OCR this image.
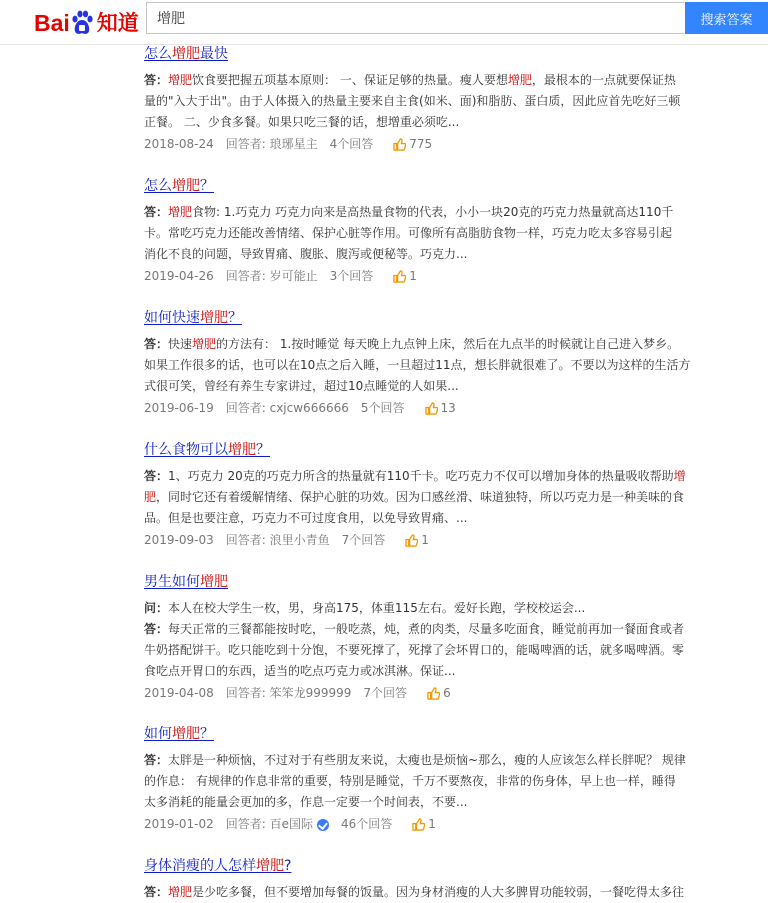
怎么增肥最快
答：增肥饮食要把握五项基本原则： 一、保证足够的热量。瘦人要想增肥，最根本的一点就要保证热
量的"入大于出"。由于人体摄入的热量主要来自主食(如米、面)和脂肪、蛋白质，因此应首先吃好三顿
正餐。 二、少食多餐。如果只吃三餐的话，想增重必须吃...
2018-08-24 回答者: 琅琊星主 4个回答	775
怎么增肥？
答：增肥食物: 1.巧克力 巧克力向来是高热量食物的代表，小小一块20克的巧克力热量就高达110千
卡。常吃巧克力还能改善情绪、保护心脏等作用。可像所有高脂肪食物一样，巧克力吃太多容易引起
消化不良的问题，导致胃痛、腹胀、腹泻或便秘等。巧克力...
2019-04-26 回答者: 岁可能止 3个回答	1
如何快速增肥？
答：快速增肥的方法有： 1.按时睡觉 每天晚上九点钟上床，然后在九点半的时候就让自己进入梦乡。
如果工作很多的话，也可以在10点之后入睡，一旦超过11点，想长胖就很难了。不要以为这样的生活方
式很可笑，曾经有养生专家讲过，超过10点睡觉的人如果...
2019-06-19 回答者: cxjcw666666 5个回答	13
什么食物可以增肥？
答：1、巧克力 20克的巧克力所含的热量就有110千卡。吃巧克力不仅可以增加身体的热量吸收帮助增
肥，同时它还有着缓解情绪、保护心脏的功效。因为口感丝滑、味道独特，所以巧克力是一种美味的食
品。但是也要注意，巧克力不可过度食用，以免导致胃痛、...
2019-09-03 回答者: 浪里小青鱼 7个回答	1
男生如何增肥
问：本人在校大学生一枚，男，身高175，体重115左右。爱好长跑，学校校运会...
答：每天正常的三餐都能按时吃，一般吃蒸，炖，煮的肉类，尽量多吃面食，睡觉前再加一餐面食或者
牛奶搭配饼干。吃只能吃到十分饱，不要死撑了，死撑了会坏胃口的，能喝啤酒的话，就多喝啤酒。零
食吃点开胃口的东西，适当的吃点巧克力或冰淇淋。保证...
2019-04-08 回答者: 笨笨龙999999 7个回答	6
如何增肥？
答：太胖是一种烦恼，不过对于有些朋友来说，太瘦也是烦恼~那么，瘦的人应该怎么样长胖呢？ 规律
的作息： 有规律的作息非常的重要，特别是睡觉，千万不要熬夜，非常的伤身体，早上也一样，睡得
太多消耗的能量会更加的多，作息一定要一个时间表，不要...
2019-01-02 回答者: 百e国际	46个回答	1
身体消瘦的人怎样增肥?
答：增肥是少吃多餐，但不要增加每餐的饭量。因为身材消瘦的人大多脾胃功能较弱，一餐吃得太多往
Bai 知道
增肥	搜索答案
